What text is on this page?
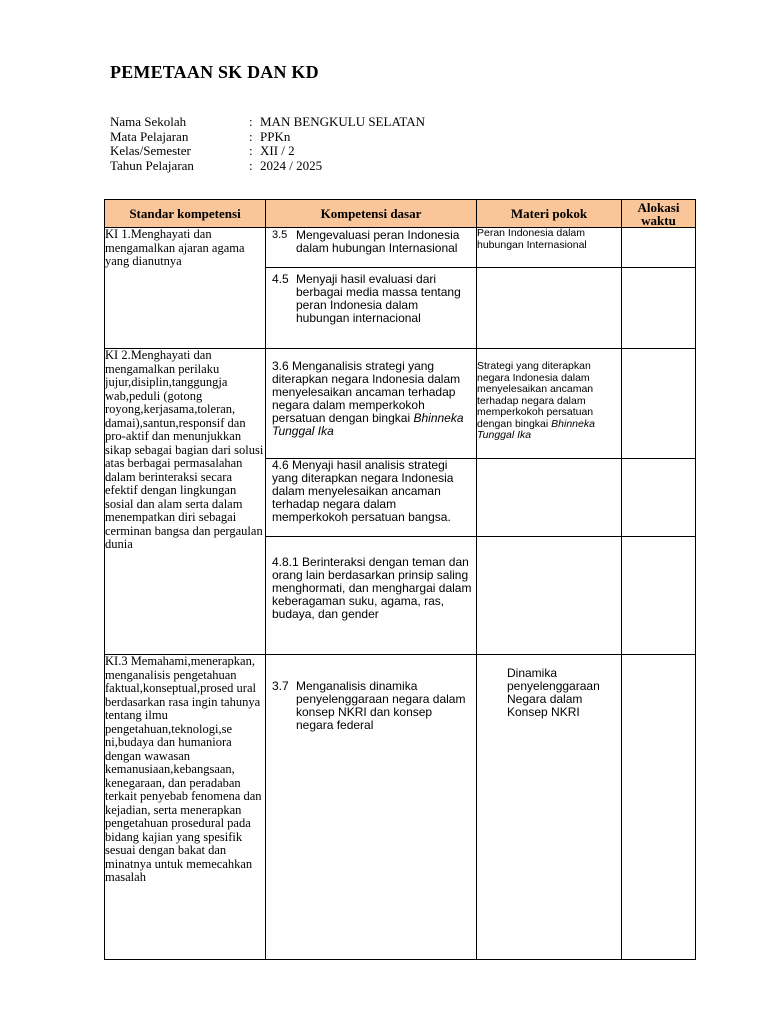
PEMETAAN SK DAN KD
Nama Sekolah	: MAN BENGKULU SELATAN
Mata Pelajaran	: PPKn
Kelas/Semester	: XII / 2
Tahun Pelajaran	: 2024 / 2025
Standar kompetensi	Kompetensi dasar	Materi pokok	Alokasi waktu
KI 1.Menghayati dan mengamalkan ajaran agama yang dianutnya	3.5 Mengevaluasi peran Indonesia dalam hubungan Internasional	Peran Indonesia dalam hubungan Internasional	

	4.5 Menyaji hasil evaluasi dari berbagai media massa tentang peran Indonesia dalam hubungan internacional		

KI 2.Menghayati dan mengamalkan perilaku jujur,disiplin,tanggungja wab,peduli (gotong royong,kerjasama,toleran, damai),santun,responsif dan pro-aktif dan menunjukkan sikap sebagai bagian dari solusi atas berbagai permasalahan dalam berinteraksi secara efektif dengan lingkungan sosial dan alam serta dalam menempatkan diri sebagai cerminan bangsa dan pergaulan dunia	3.6 Menganalisis strategi yang diterapkan negara Indonesia dalam menyelesaikan ancaman terhadap negara dalam memperkokoh persatuan dengan bingkai Bhinneka Tunggal Ika	Strategi yang diterapkan negara Indonesia dalam menyelesaikan ancaman terhadap negara dalam memperkokoh persatuan dengan bingkai Bhinneka Tunggal Ika	
	4.6 Menyaji hasil analisis strategi yang diterapkan negara Indonesia dalam menyelesaikan ancaman terhadap negara dalam memperkokoh persatuan bangsa.		
	4.8.1 Berinteraksi dengan teman dan orang lain berdasarkan prinsip saling menghormati, dan menghargai dalam keberagaman suku, agama, ras, budaya, dan gender		
KI.3 Memahami,menerapkan, menganalisis pengetahuan faktual,konseptual,prosed ural berdasarkan rasa ingin tahunya tentang ilmu pengetahuan,teknologi,se ni,budaya dan humaniora dengan wawasan kemanusiaan,kebangsaan, kenegaraan, dan peradaban terkait penyebab fenomena dan kejadian, serta menerapkan pengetahuan prosedural pada bidang kajian yang spesifik sesuai dengan bakat dan minatnya untuk memecahkan masalah	3.7 Menganalisis dinamika penyelenggaraan negara dalam konsep NKRI dan konsep negara federal	Dinamika penyelenggaraan Negara dalam Konsep NKRI	
